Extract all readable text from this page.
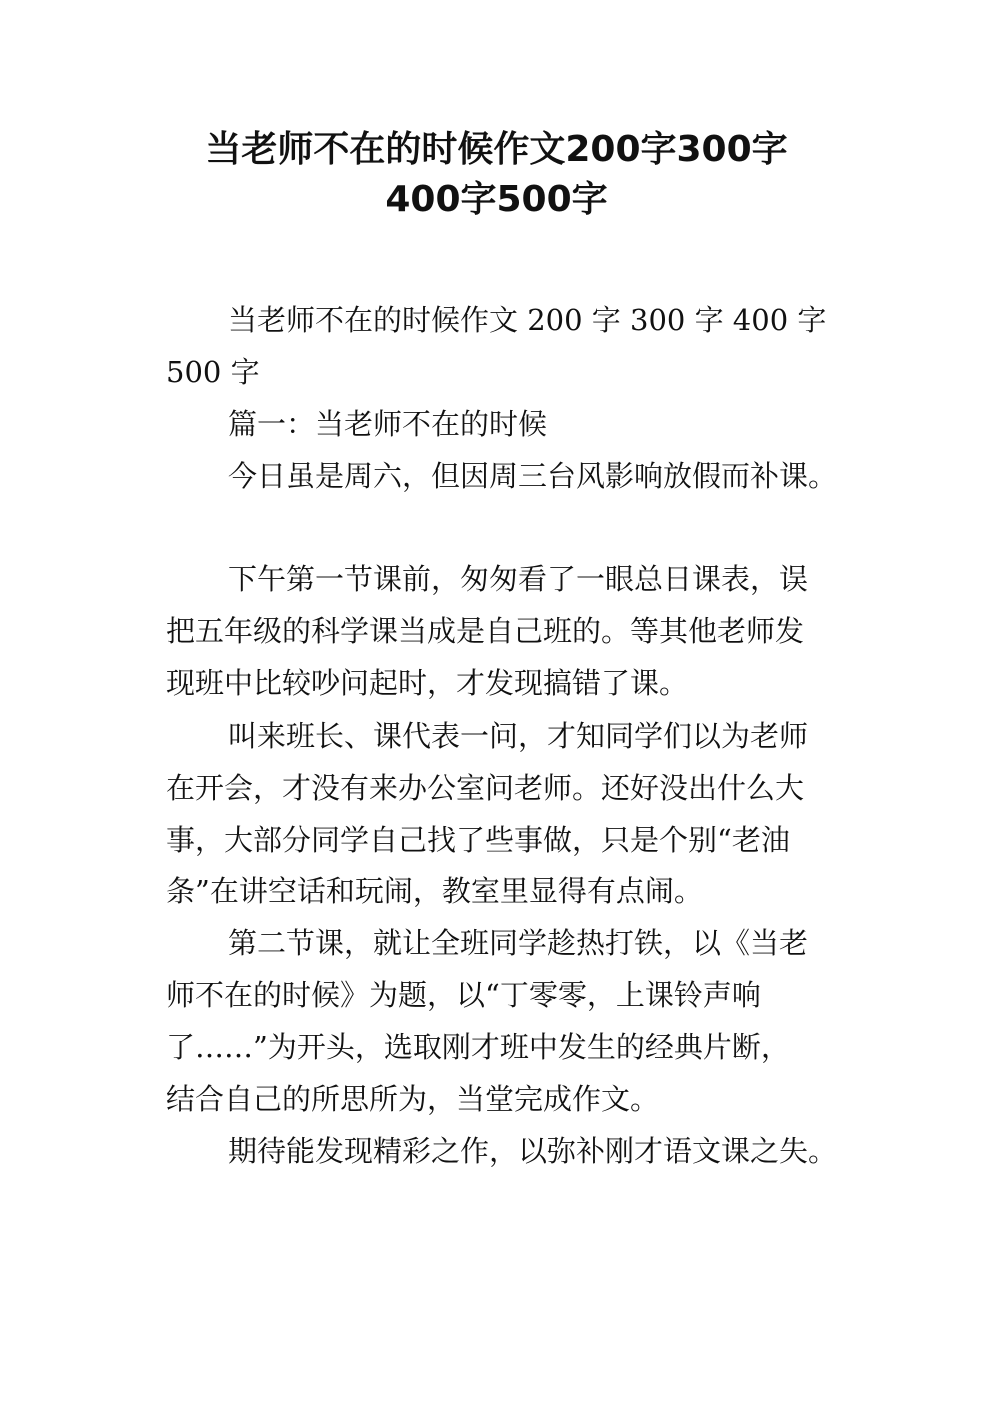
当老师不在的时候作文200字300字
400字500字
当老师不在的时候作文 200 字 300 字 400 字
500 字
篇一：当老师不在的时候
今日虽是周六，但因周三台风影响放假而补课。
下午第一节课前，匆匆看了一眼总日课表，误
把五年级的科学课当成是自己班的。等其他老师发
现班中比较吵问起时，才发现搞错了课。
叫来班长、课代表一问，才知同学们以为老师
在开会，才没有来办公室问老师。还好没出什么大
事，大部分同学自己找了些事做，只是个别“老油
条”在讲空话和玩闹，教室里显得有点闹。
第二节课，就让全班同学趁热打铁，以《当老
师不在的时候》为题，以“丁零零，上课铃声响
了……”为开头，选取刚才班中发生的经典片断，
结合自己的所思所为，当堂完成作文。
期待能发现精彩之作，以弥补刚才语文课之失。
